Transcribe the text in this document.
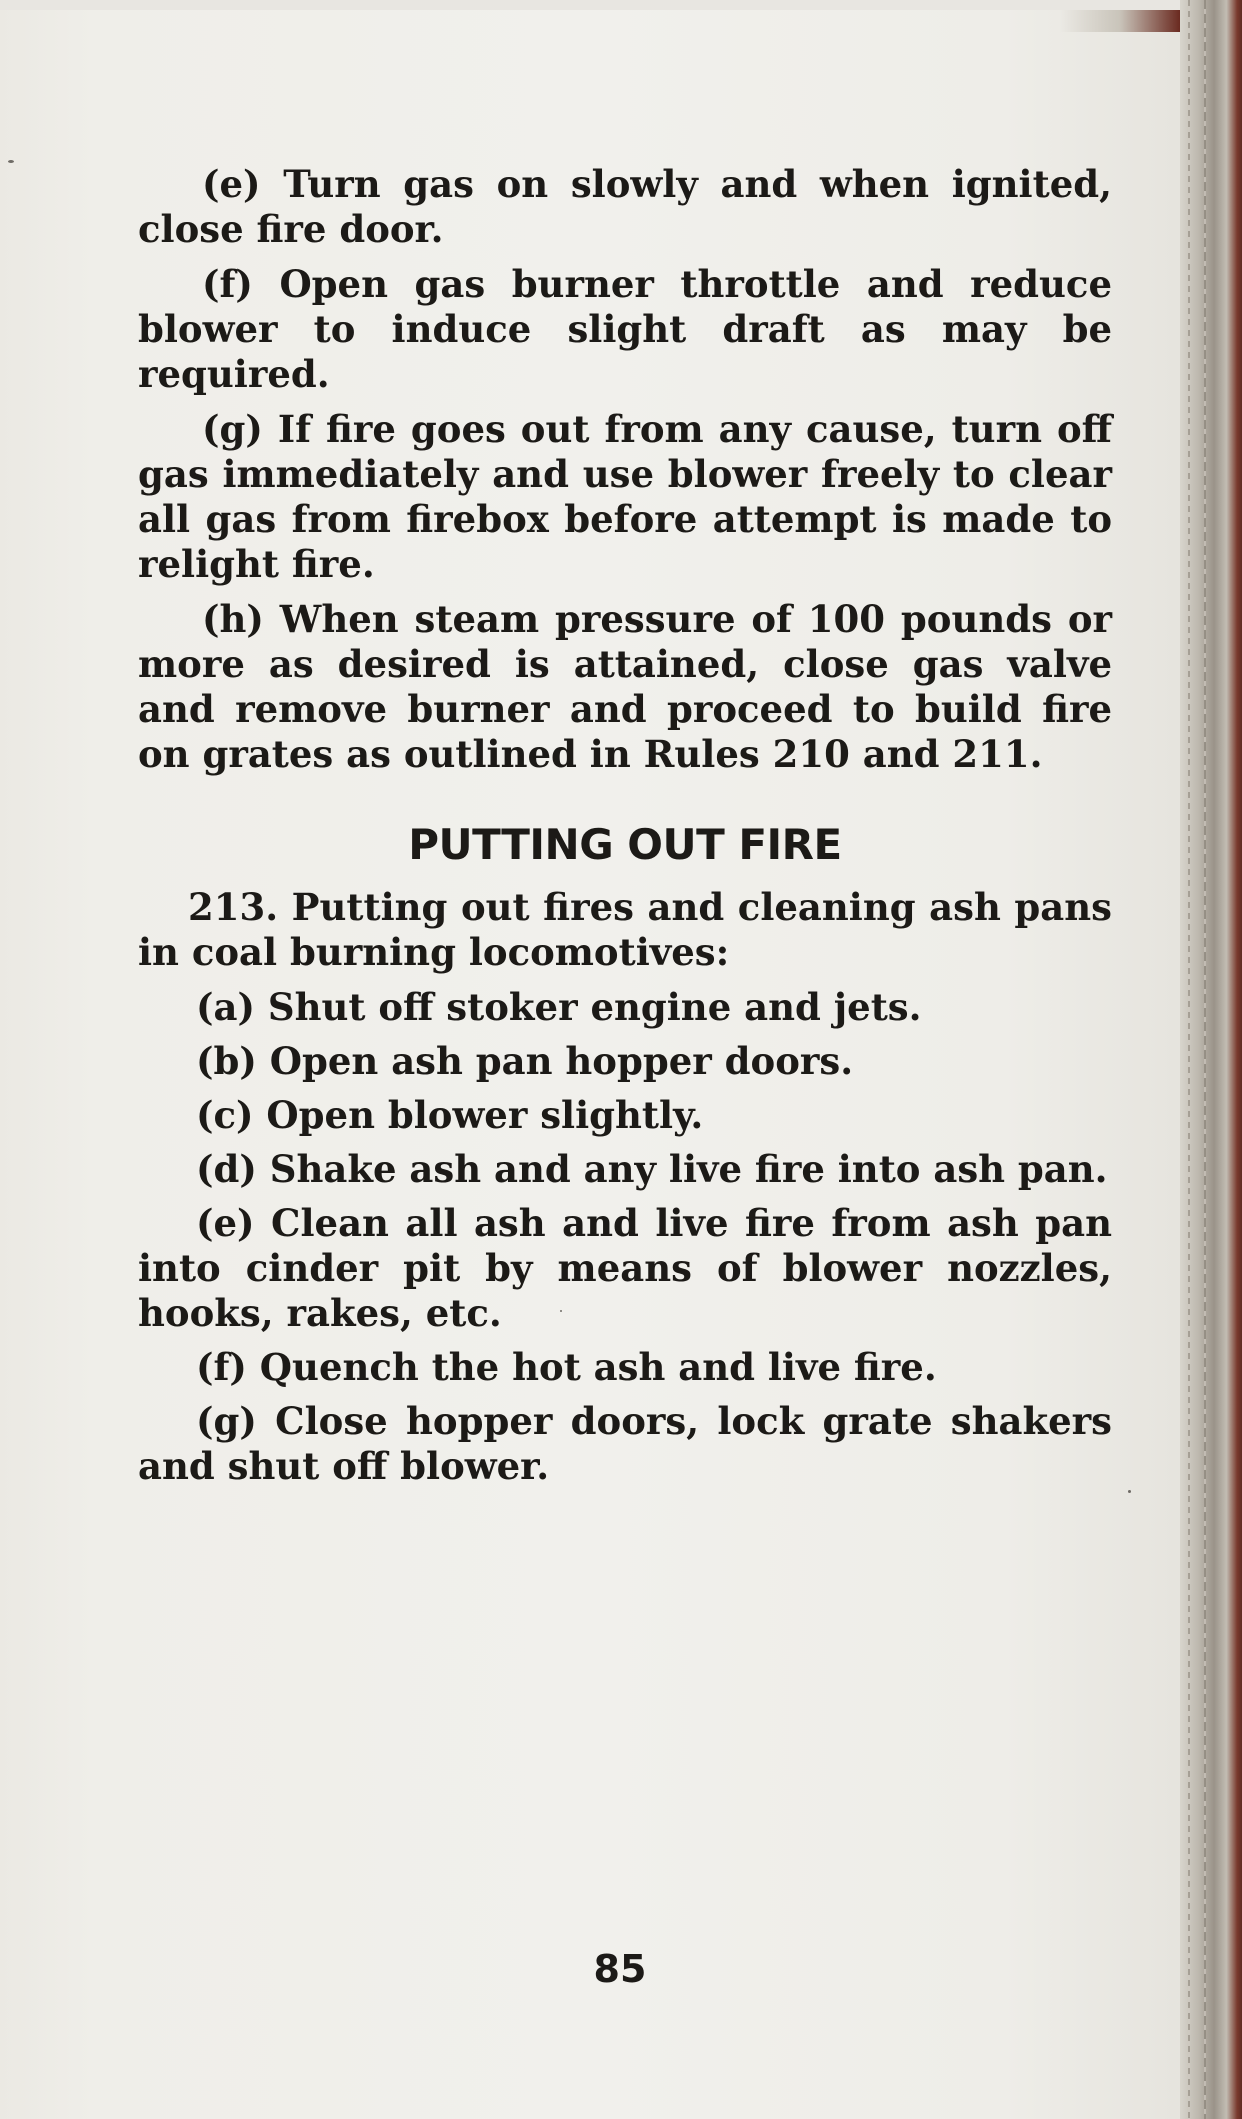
(e) Turn gas on slowly and when ignited, close fire door.

(f) Open gas burner throttle and reduce blower to induce slight draft as may be required.

(g) If fire goes out from any cause, turn off gas immediately and use blower freely to clear all gas from firebox before attempt is made to relight fire.

(h) When steam pressure of 100 pounds or more as desired is attained, close gas valve and remove burner and proceed to build fire on grates as outlined in Rules 210 and 211.

PUTTING OUT FIRE

213. Putting out fires and cleaning ash pans in coal burning locomotives:

(a) Shut off stoker engine and jets.

(b) Open ash pan hopper doors.

(c) Open blower slightly.

(d) Shake ash and any live fire into ash pan.

(e) Clean all ash and live fire from ash pan into cinder pit by means of blower nozzles, hooks, rakes, etc.

(f) Quench the hot ash and live fire.

(g) Close hopper doors, lock grate shakers and shut off blower.

85
